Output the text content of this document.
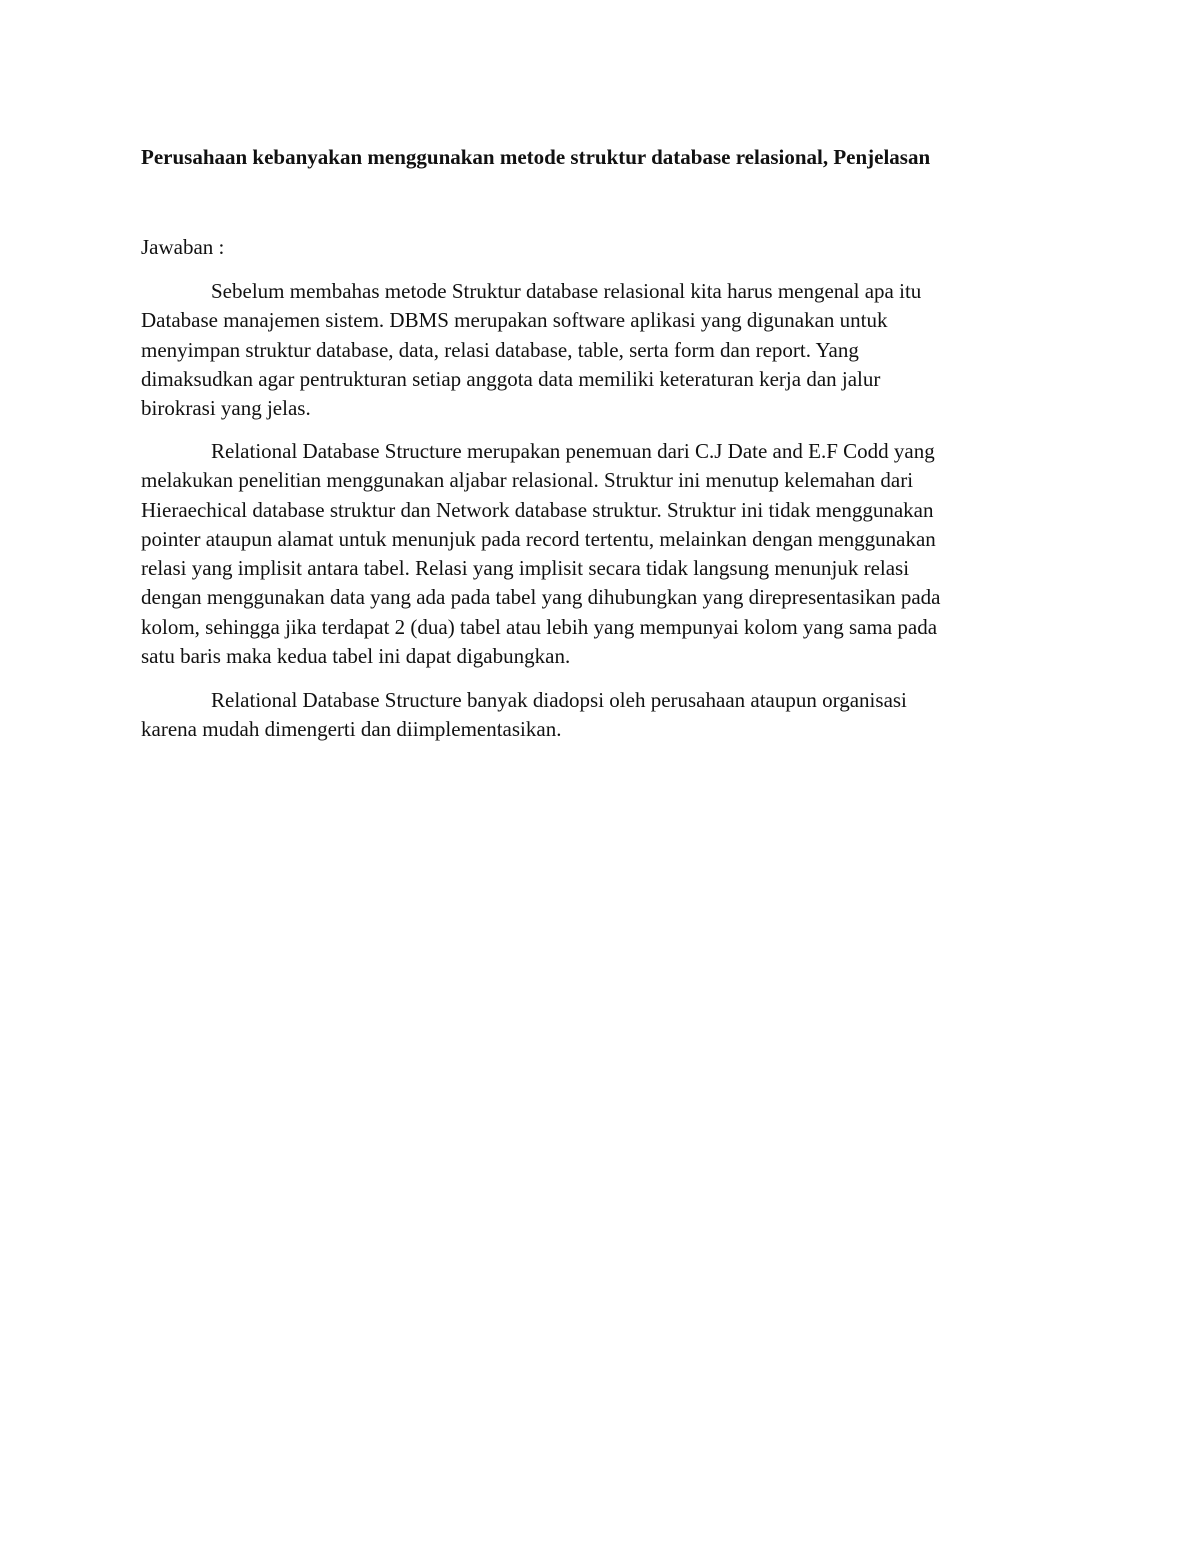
Perusahaan kebanyakan menggunakan metode struktur database relasional, Penjelasan

Jawaban :

Sebelum membahas metode Struktur database relasional kita harus mengenal apa itu
Database manajemen sistem. DBMS merupakan software aplikasi yang digunakan untuk
menyimpan struktur database, data, relasi database, table, serta form dan report. Yang
dimaksudkan agar pentrukturan setiap anggota data memiliki keteraturan kerja dan jalur
birokrasi yang jelas.
Relational Database Structure merupakan penemuan dari C.J Date and E.F Codd yang
melakukan penelitian menggunakan aljabar relasional. Struktur ini menutup kelemahan dari
Hieraechical database struktur dan Network database struktur. Struktur ini tidak menggunakan
pointer ataupun alamat untuk menunjuk pada record tertentu, melainkan dengan menggunakan
relasi yang implisit antara tabel. Relasi yang implisit secara tidak langsung menunjuk relasi
dengan menggunakan data yang ada pada tabel yang dihubungkan yang direpresentasikan pada
kolom, sehingga jika terdapat 2 (dua) tabel atau lebih yang mempunyai kolom yang sama pada
satu baris maka kedua tabel ini dapat digabungkan.
Relational Database Structure banyak diadopsi oleh perusahaan ataupun organisasi
karena mudah dimengerti dan diimplementasikan.
